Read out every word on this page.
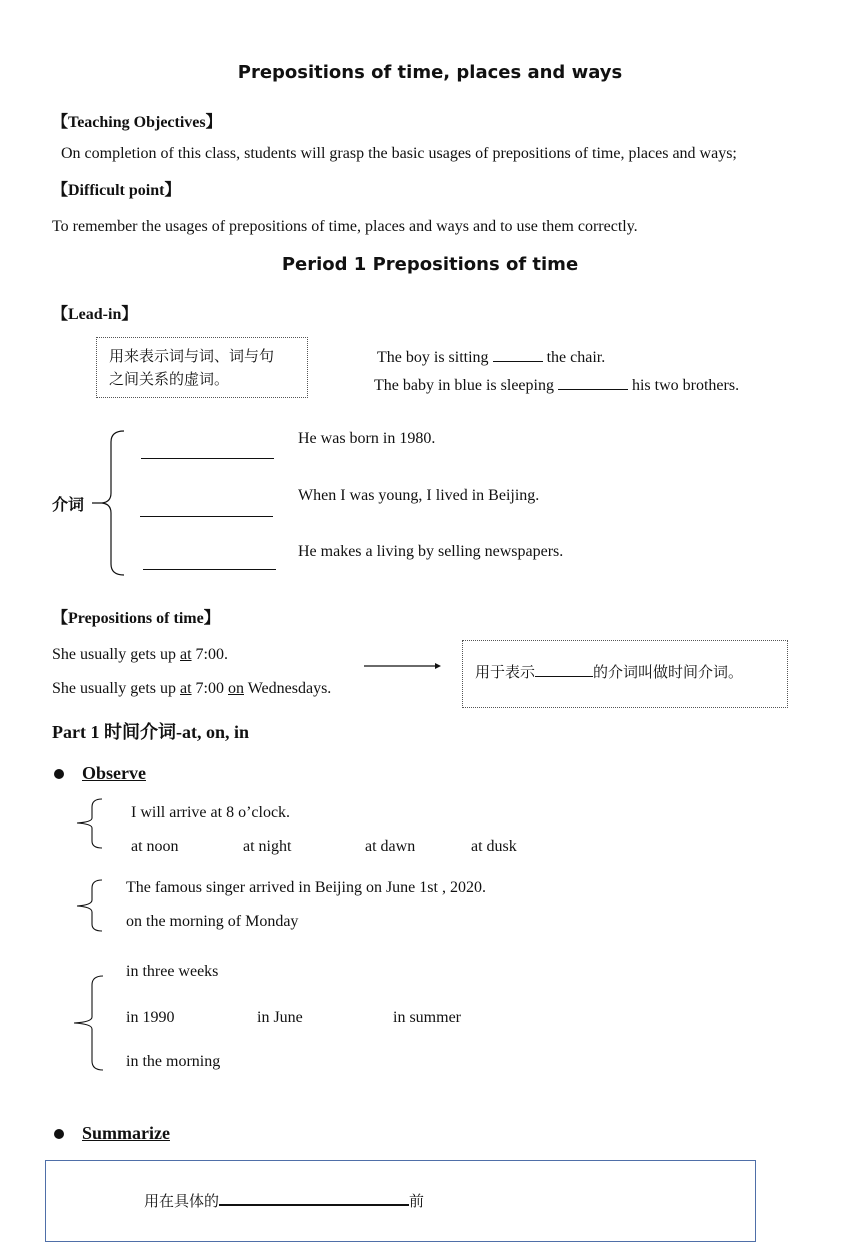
Prepositions of time, places and ways
【Teaching Objectives】
On completion of this class, students will grasp the basic usages of prepositions of time, places and ways;
【Difficult point】
To remember the usages of prepositions of time, places and ways and to use them correctly.
Period 1 Prepositions of time
【Lead-in】
用来表示词与词、词与句
之间关系的虚词。
The boy is sitting	the chair.
The baby in blue is sleeping	his two brothers.
介词
He was born in 1980.
When I was young, I lived in Beijing.
He makes a living by selling newspapers.
【Prepositions of time】
She usually gets up at 7:00.
She usually gets up at 7:00 on Wednesdays.
用于表示	的介词叫做时间介词。
Part 1 时间介词-at, on, in
Observe
I will arrive at 8 o’clock.
at noon	at night	at dawn	at dusk
The famous singer arrived in Beijing on June 1st , 2020.
on the morning of Monday
in three weeks
in 1990	in June	in summer
in the morning
Summarize
用在具体的	前
